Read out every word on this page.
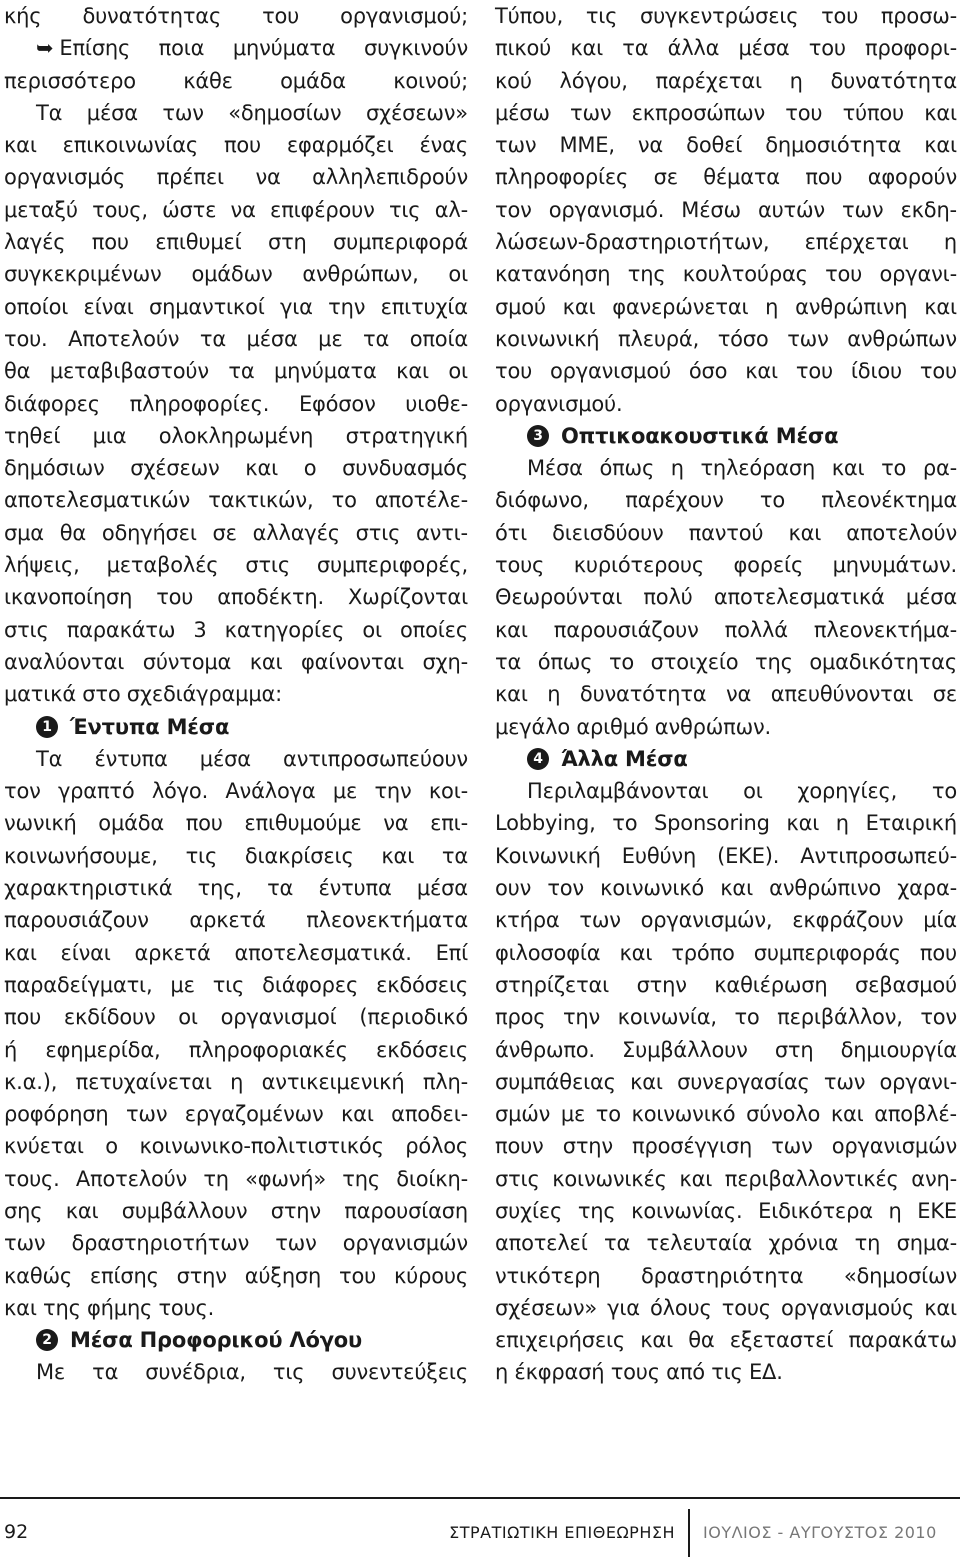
κής δυνατότητας του οργανισμού;
➥ Επίσης ποια μηνύματα συγκινούν
περισσότερο κάθε ομάδα κοινού;
Τα μέσα των «δημοσίων σχέσεων»
και επικοινωνίας που εφαρμόζει ένας
οργανισμός πρέπει να αλληλεπιδρούν
μεταξύ τους, ώστε να επιφέρουν τις αλ-
λαγές που επιθυμεί στη συμπεριφορά
συγκεκριμένων ομάδων ανθρώπων, οι
οποίοι είναι σημαντικοί για την επιτυχία
του. Αποτελούν τα μέσα με τα οποία
θα μεταβιβαστούν τα μηνύματα και οι
διάφορες πληροφορίες. Εφόσον υιοθε-
τηθεί μια ολοκληρωμένη στρατηγική
δημόσιων σχέσεων και ο συνδυασμός
αποτελεσματικών τακτικών, το αποτέλε-
σμα θα οδηγήσει σε αλλαγές στις αντι-
λήψεις, μεταβολές στις συμπεριφορές,
ικανοποίηση του αποδέκτη. Χωρίζονται
στις παρακάτω 3 κατηγορίες οι οποίες
αναλύονται σύντομα και φαίνονται σχη-
ματικά στο σχεδιάγραμμα:
1 Έντυπα Μέσα
Τα έντυπα μέσα αντιπροσωπεύουν
τον γραπτό λόγο. Ανάλογα με την κοι-
νωνική ομάδα που επιθυμούμε να επι-
κοινωνήσουμε, τις διακρίσεις και τα
χαρακτηριστικά της, τα έντυπα μέσα
παρουσιάζουν αρκετά πλεονεκτήματα
και είναι αρκετά αποτελεσματικά. Επί
παραδείγματι, με τις διάφορες εκδόσεις
που εκδίδουν οι οργανισμοί (περιοδικό
ή εφημερίδα, πληροφοριακές εκδόσεις
κ.α.), πετυχαίνεται η αντικειμενική πλη-
ροφόρηση των εργαζομένων και αποδει-
κνύεται ο κοινωνικο-πολιτιστικός ρόλος
τους. Αποτελούν τη «φωνή» της διοίκη-
σης και συμβάλλουν στην παρουσίαση
των δραστηριοτήτων των οργανισμών
καθώς επίσης στην αύξηση του κύρους
και της φήμης τους.
2 Μέσα Προφορικού Λόγου
Με τα συνέδρια, τις συνεντεύξεις
Τύπου, τις συγκεντρώσεις του προσω-
πικού και τα άλλα μέσα του προφορι-
κού λόγου, παρέχεται η δυνατότητα
μέσω των εκπροσώπων του τύπου και
των ΜΜΕ, να δοθεί δημοσιότητα και
πληροφορίες σε θέματα που αφορούν
τον οργανισμό. Μέσω αυτών των εκδη-
λώσεων-δραστηριοτήτων, επέρχεται η
κατανόηση της κουλτούρας του οργανι-
σμού και φανερώνεται η ανθρώπινη και
κοινωνική πλευρά, τόσο των ανθρώπων
του οργανισμού όσο και του ίδιου του
οργανισμού.
3 Οπτικοακουστικά Μέσα
Μέσα όπως η τηλεόραση και το ρα-
διόφωνο, παρέχουν το πλεονέκτημα
ότι διεισδύουν παντού και αποτελούν
τους κυριότερους φορείς μηνυμάτων.
Θεωρούνται πολύ αποτελεσματικά μέσα
και παρουσιάζουν πολλά πλεονεκτήμα-
τα όπως το στοιχείο της ομαδικότητας
και η δυνατότητα να απευθύνονται σε
μεγάλο αριθμό ανθρώπων.
4 Άλλα Μέσα
Περιλαμβάνονται οι χορηγίες, το
Lobbying, το Sponsoring και η Εταιρική
Κοινωνική Ευθύνη (ΕΚΕ). Αντιπροσωπεύ-
ουν τον κοινωνικό και ανθρώπινο χαρα-
κτήρα των οργανισμών, εκφράζουν μία
φιλοσοφία και τρόπο συμπεριφοράς που
στηρίζεται στην καθιέρωση σεβασμού
προς την κοινωνία, το περιβάλλον, τον
άνθρωπο. Συμβάλλουν στη δημιουργία
συμπάθειας και συνεργασίας των οργανι-
σμών με το κοινωνικό σύνολο και αποβλέ-
πουν στην προσέγγιση των οργανισμών
στις κοινωνικές και περιβαλλοντικές ανη-
συχίες της κοινωνίας. Ειδικότερα η ΕΚΕ
αποτελεί τα τελευταία χρόνια τη σημα-
ντικότερη δραστηριότητα «δημοσίων
σχέσεων» για όλους τους οργανισμούς και
επιχειρήσεις και θα εξεταστεί παρακάτω
η έκφρασή τους από τις ΕΔ.
92	ΣΤΡΑΤΙΩΤΙΚΗ ΕΠΙΘΕΩΡΗΣΗ ΙΟΥΛΙΟΣ - ΑΥΓΟΥΣΤΟΣ 2010
